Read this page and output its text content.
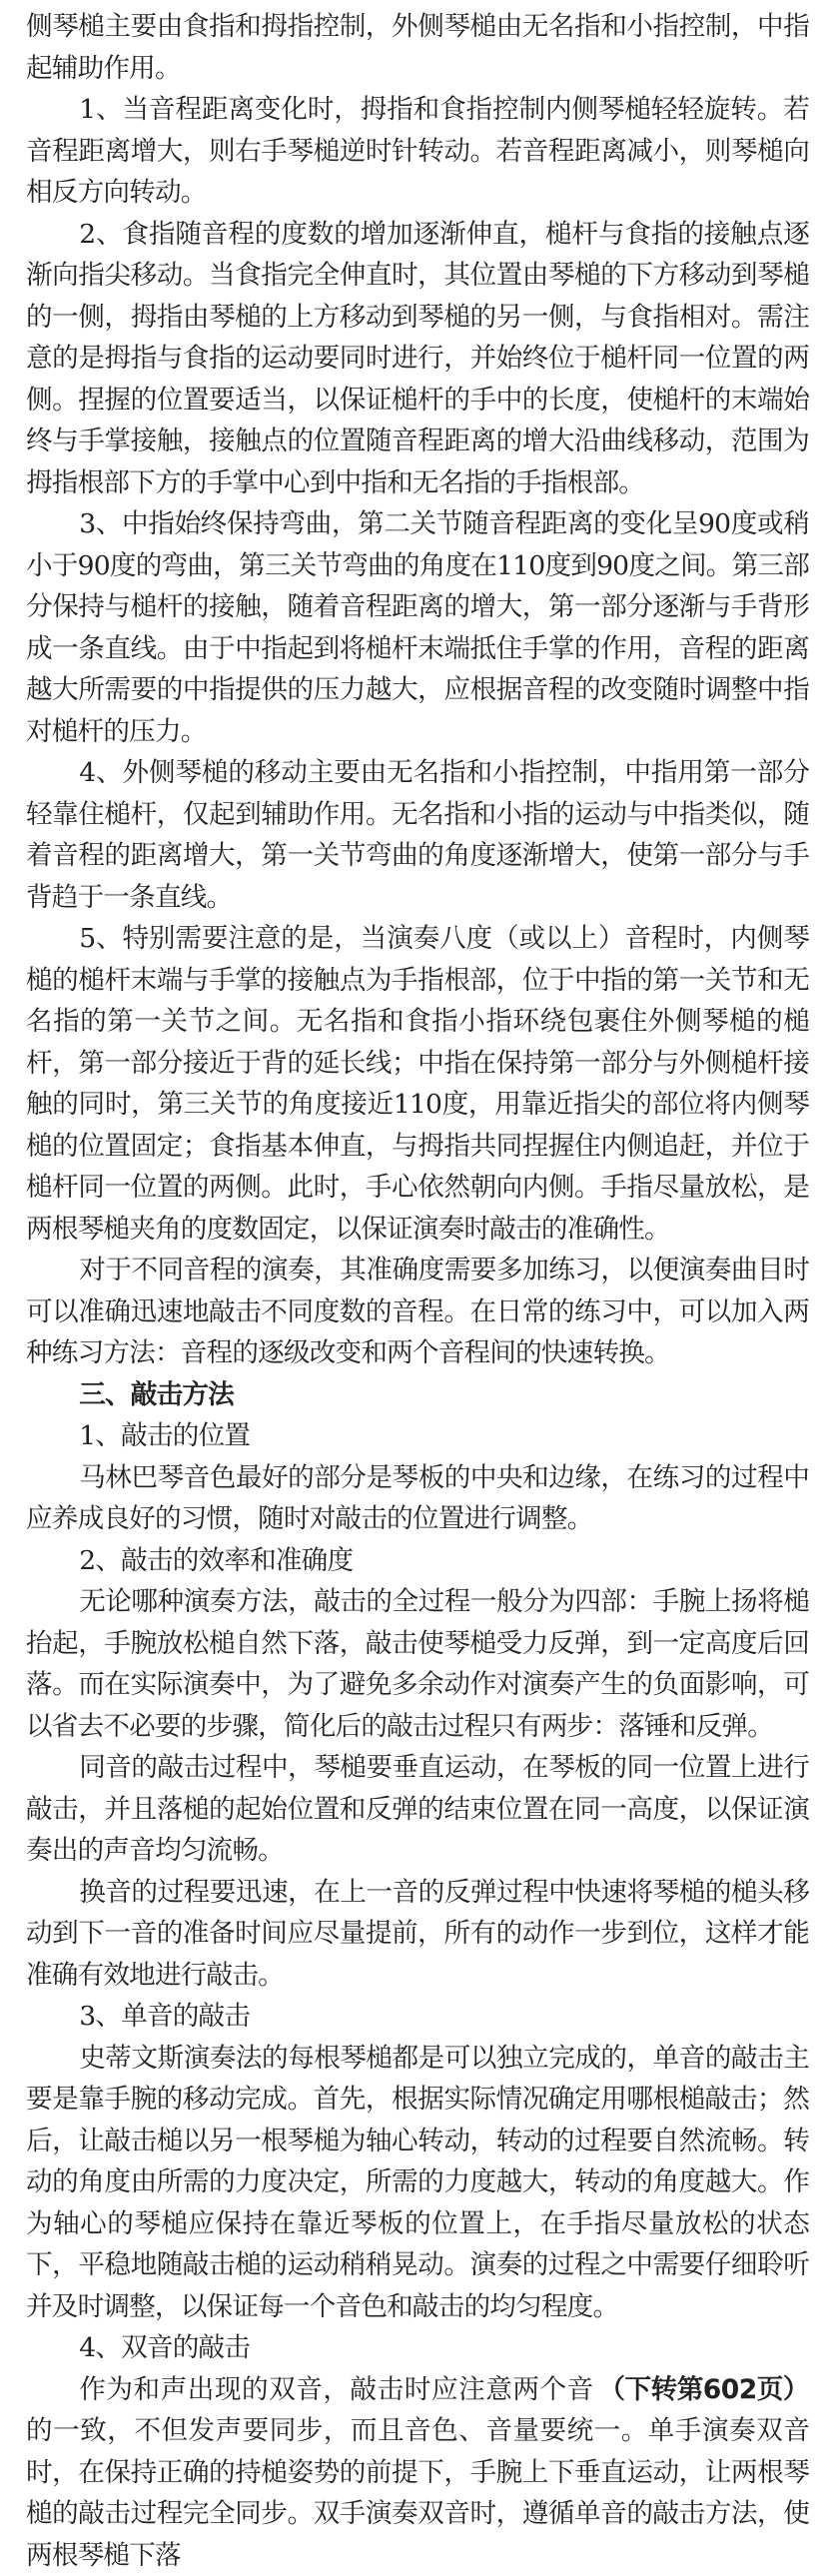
侧琴槌主要由食指和拇指控制，外侧琴槌由无名指和小指控制，中指起辅助作用。

1、当音程距离变化时，拇指和食指控制内侧琴槌轻轻旋转。若音程距离增大，则右手琴槌逆时针转动。若音程距离减小，则琴槌向相反方向转动。

2、食指随音程的度数的增加逐渐伸直，槌杆与食指的接触点逐渐向指尖移动。当食指完全伸直时，其位置由琴槌的下方移动到琴槌的一侧，拇指由琴槌的上方移动到琴槌的另一侧，与食指相对。需注意的是拇指与食指的运动要同时进行，并始终位于槌杆同一位置的两侧。捏握的位置要适当，以保证槌杆的手中的长度，使槌杆的末端始终与手掌接触，接触点的位置随音程距离的增大沿曲线移动，范围为拇指根部下方的手掌中心到中指和无名指的手指根部。

3、中指始终保持弯曲，第二关节随音程距离的变化呈90度或稍小于90度的弯曲，第三关节弯曲的角度在110度到90度之间。第三部分保持与槌杆的接触，随着音程距离的增大，第一部分逐渐与手背形成一条直线。由于中指起到将槌杆末端抵住手掌的作用，音程的距离越大所需要的中指提供的压力越大，应根据音程的改变随时调整中指对槌杆的压力。

4、外侧琴槌的移动主要由无名指和小指控制，中指用第一部分轻靠住槌杆，仅起到辅助作用。无名指和小指的运动与中指类似，随着音程的距离增大，第一关节弯曲的角度逐渐增大，使第一部分与手背趋于一条直线。

5、特别需要注意的是，当演奏八度（或以上）音程时，内侧琴槌的槌杆末端与手掌的接触点为手指根部，位于中指的第一关节和无名指的第一关节之间。无名指和食指小指环绕包裹住外侧琴槌的槌杆，第一部分接近于背的延长线；中指在保持第一部分与外侧槌杆接触的同时，第三关节的角度接近110度，用靠近指尖的部位将内侧琴槌的位置固定；食指基本伸直，与拇指共同捏握住内侧追赶，并位于槌杆同一位置的两侧。此时，手心依然朝向内侧。手指尽量放松，是两根琴槌夹角的度数固定，以保证演奏时敲击的准确性。

对于不同音程的演奏，其准确度需要多加练习，以便演奏曲目时可以准确迅速地敲击不同度数的音程。在日常的练习中，可以加入两种练习方法：音程的逐级改变和两个音程间的快速转换。

三、敲击方法

1、敲击的位置

马林巴琴音色最好的部分是琴板的中央和边缘，在练习的过程中应养成良好的习惯，随时对敲击的位置进行调整。

2、敲击的效率和准确度

无论哪种演奏方法，敲击的全过程一般分为四部：手腕上扬将槌抬起，手腕放松槌自然下落，敲击使琴槌受力反弹，到一定高度后回落。而在实际演奏中，为了避免多余动作对演奏产生的负面影响，可以省去不必要的步骤，简化后的敲击过程只有两步：落锤和反弹。

同音的敲击过程中，琴槌要垂直运动，在琴板的同一位置上进行敲击，并且落槌的起始位置和反弹的结束位置在同一高度，以保证演奏出的声音均匀流畅。

换音的过程要迅速，在上一音的反弹过程中快速将琴槌的槌头移动到下一音的准备时间应尽量提前，所有的动作一步到位，这样才能准确有效地进行敲击。

3、单音的敲击

史蒂文斯演奏法的每根琴槌都是可以独立完成的，单音的敲击主要是靠手腕的移动完成。首先，根据实际情况确定用哪根槌敲击；然后，让敲击槌以另一根琴槌为轴心转动，转动的过程要自然流畅。转动的角度由所需的力度决定，所需的力度越大，转动的角度越大。作为轴心的琴槌应保持在靠近琴板的位置上，在手指尽量放松的状态下，平稳地随敲击槌的运动稍稍晃动。演奏的过程之中需要仔细聆听并及时调整，以保证每一个音色和敲击的均匀程度。

4、双音的敲击

（下转第602页）
作为和声出现的双音，敲击时应注意两个音的一致，不但发声要同步，而且音色、音量要统一。单手演奏双音时，在保持正确的持槌姿势的前提下，手腕上下垂直运动，让两根琴槌的敲击过程完全同步。双手演奏双音时，遵循单音的敲击方法，使两根琴槌下落
